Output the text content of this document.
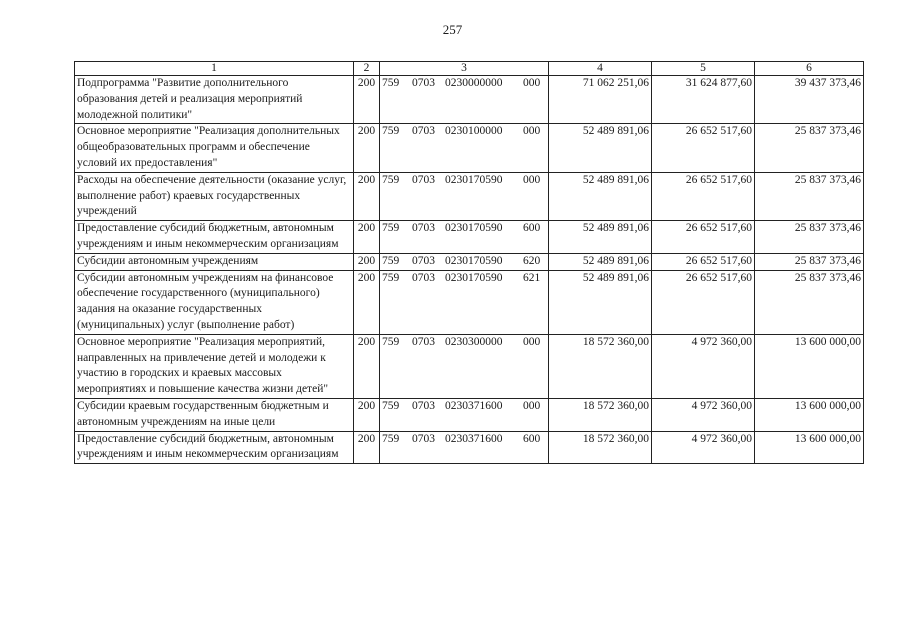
257
1	2	3	4	5	6
Подпрограмма "Развитие дополнительного образования детей и реализация мероприятий молодежной политики"	200	759 0703 0230000000 000	71 062 251,06	31 624 877,60	39 437 373,46
Основное мероприятие "Реализация дополнительных общеобразовательных программ и обеспечение условий их предоставления"	200	759 0703 0230100000 000	52 489 891,06	26 652 517,60	25 837 373,46
Расходы на обеспечение деятельности (оказание услуг, выполнение работ) краевых государственных учреждений	200	759 0703 0230170590 000	52 489 891,06	26 652 517,60	25 837 373,46
Предоставление субсидий бюджетным, автономным учреждениям и иным некоммерческим организациям	200	759 0703 0230170590 600	52 489 891,06	26 652 517,60	25 837 373,46
Субсидии автономным учреждениям	200	759 0703 0230170590 620	52 489 891,06	26 652 517,60	25 837 373,46
Субсидии автономным учреждениям на финансовое обеспечение государственного (муниципального) задания на оказание государственных (муниципальных) услуг (выполнение работ)	200	759 0703 0230170590 621	52 489 891,06	26 652 517,60	25 837 373,46
Основное мероприятие "Реализация мероприятий, направленных на привлечение детей и молодежи к участию в городских и краевых массовых мероприятиях и повышение качества жизни детей"	200	759 0703 0230300000 000	18 572 360,00	4 972 360,00	13 600 000,00
Субсидии краевым государственным бюджетным и автономным учреждениям на иные цели	200	759 0703 0230371600 000	18 572 360,00	4 972 360,00	13 600 000,00
Предоставление субсидий бюджетным, автономным учреждениям и иным некоммерческим организациям	200	759 0703 0230371600 600	18 572 360,00	4 972 360,00	13 600 000,00
